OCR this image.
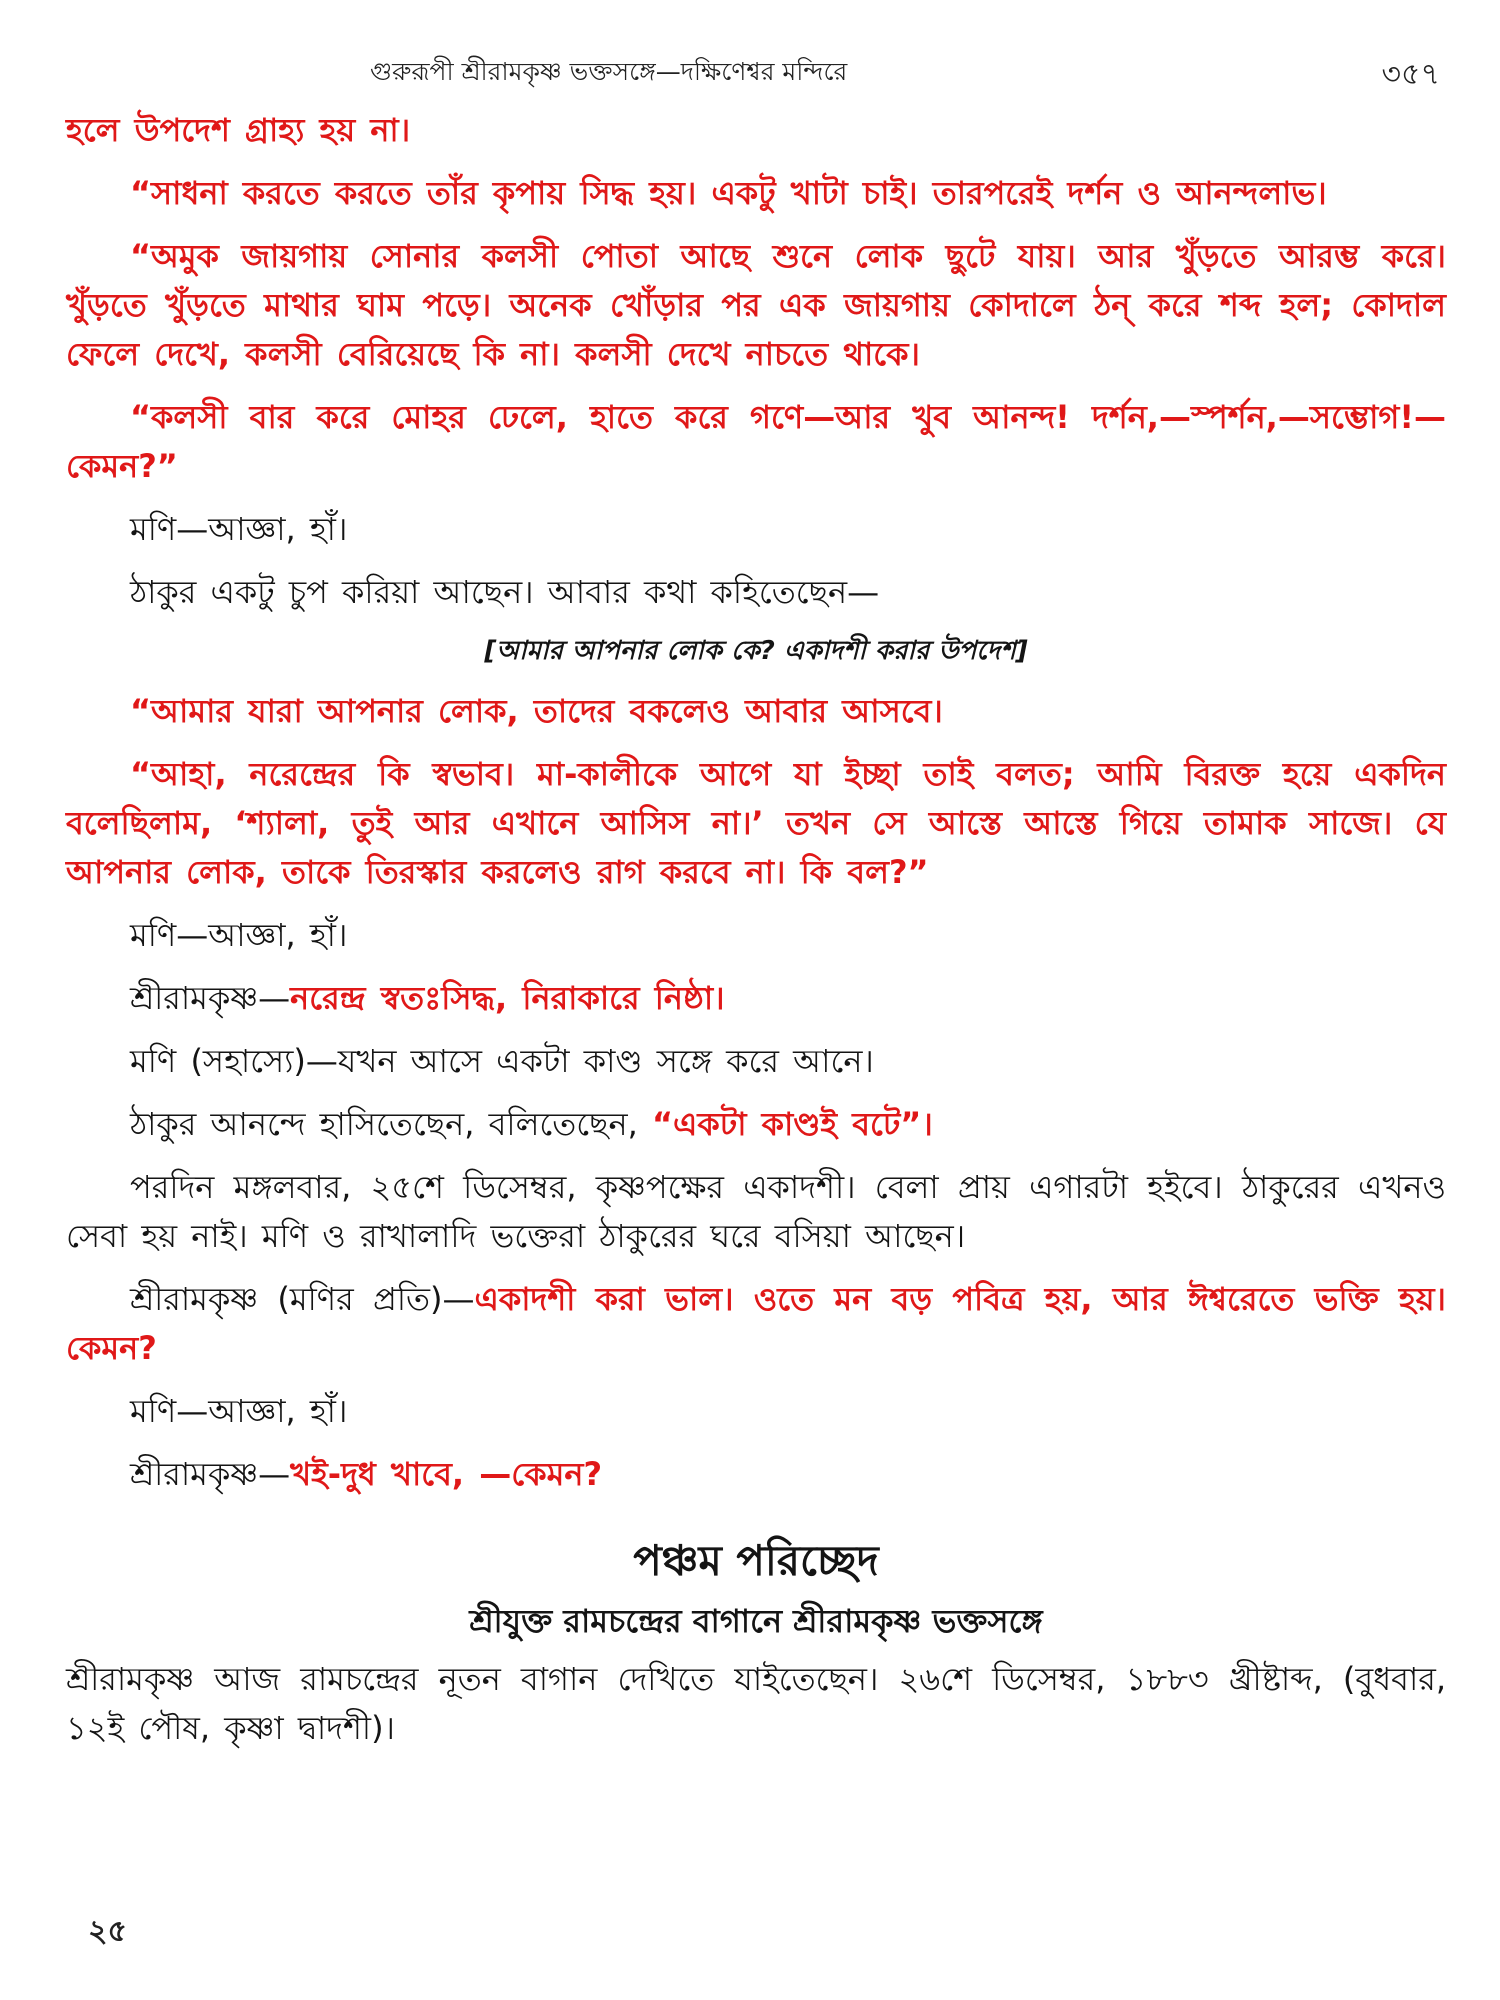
গুরুরূপী শ্রীরামকৃষ্ণ ভক্তসঙ্গে—দক্ষিণেশ্বর মন্দিরে	৩৫৭

হলে উপদেশ গ্রাহ্য হয় না।

“সাধনা করতে করতে তাঁর কৃপায় সিদ্ধ হয়। একটু খাটা চাই। তারপরেই দর্শন ও আনন্দলাভ।

“অমুক জায়গায় সোনার কলসী পোতা আছে শুনে লোক ছুটে যায়। আর খুঁড়তে আরম্ভ করে। খুঁড়তে খুঁড়তে মাথার ঘাম পড়ে। অনেক খোঁড়ার পর এক জায়গায় কোদালে ঠন্ করে শব্দ হল; কোদাল ফেলে দেখে, কলসী বেরিয়েছে কি না। কলসী দেখে নাচতে থাকে।

“কলসী বার করে মোহর ঢেলে, হাতে করে গণে—আর খুব আনন্দ! দর্শন,—স্পর্শন,—সম্ভোগ!—কেমন?”

মণি—আজ্ঞা, হাঁ।

ঠাকুর একটু চুপ করিয়া আছেন। আবার কথা কহিতেছেন—

[আমার আপনার লোক কে? একাদশী করার উপদেশ]

“আমার যারা আপনার লোক, তাদের বকলেও আবার আসবে।

“আহা, নরেন্দ্রের কি স্বভাব। মা-কালীকে আগে যা ইচ্ছা তাই বলত; আমি বিরক্ত হয়ে একদিন বলেছিলাম, ‘শ্যালা, তুই আর এখানে আসিস না।’ তখন সে আস্তে আস্তে গিয়ে তামাক সাজে। যে আপনার লোক, তাকে তিরস্কার করলেও রাগ করবে না। কি বল?”

মণি—আজ্ঞা, হাঁ।

শ্রীরামকৃষ্ণ—নরেন্দ্র স্বতঃসিদ্ধ, নিরাকারে নিষ্ঠা।

মণি (সহাস্যে)—যখন আসে একটা কাণ্ড সঙ্গে করে আনে।

ঠাকুর আনন্দে হাসিতেছেন, বলিতেছেন, “একটা কাণ্ডই বটে”।

পরদিন মঙ্গলবার, ২৫শে ডিসেম্বর, কৃষ্ণপক্ষের একাদশী। বেলা প্রায় এগারটা হইবে। ঠাকুরের এখনও সেবা হয় নাই। মণি ও রাখালাদি ভক্তেরা ঠাকুরের ঘরে বসিয়া আছেন।

শ্রীরামকৃষ্ণ (মণির প্রতি)—একাদশী করা ভাল। ওতে মন বড় পবিত্র হয়, আর ঈশ্বরেতে ভক্তি হয়। কেমন?

মণি—আজ্ঞা, হাঁ।

শ্রীরামকৃষ্ণ—খই-দুধ খাবে, —কেমন?

পঞ্চম পরিচ্ছেদ
শ্রীযুক্ত রামচন্দ্রের বাগানে শ্রীরামকৃষ্ণ ভক্তসঙ্গে

শ্রীরামকৃষ্ণ আজ রামচন্দ্রের নূতন বাগান দেখিতে যাইতেছেন। ২৬শে ডিসেম্বর, ১৮৮৩ খ্রীষ্টাব্দ, (বুধবার, ১২ই পৌষ, কৃষ্ণা দ্বাদশী)।

২৫
